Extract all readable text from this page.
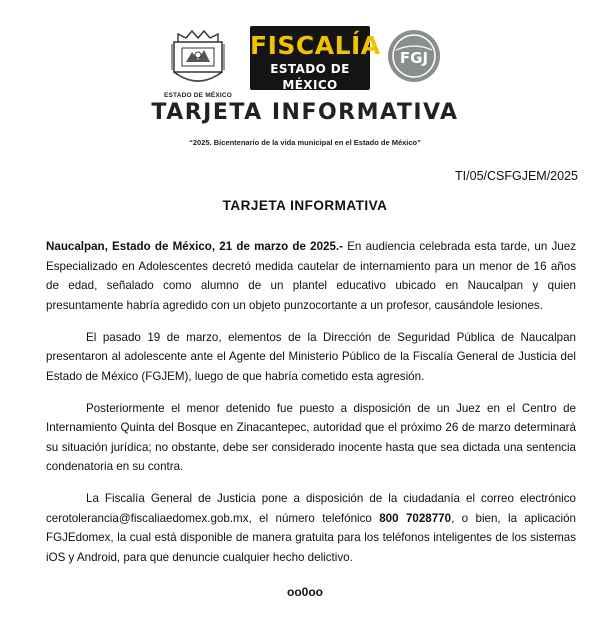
ESTADO DE MÉXICO
FISCALÍA
ESTADO DE MÉXICO
FGJ
TARJETA INFORMATIVA
“2025. Bicentenario de la vida municipal en el Estado de México”
TI/05/CSFGJEM/2025
TARJETA INFORMATIVA

Naucalpan, Estado de México, 21 de marzo de 2025.- En audiencia celebrada esta tarde, un Juez Especializado en Adolescentes decretó medida cautelar de internamiento para un menor de 16 años de edad, señalado como alumno de un plantel educativo ubicado en Naucalpan y quien presuntamente habría agredido con un objeto punzocortante a un profesor, causándole lesiones.

El pasado 19 de marzo, elementos de la Dirección de Seguridad Pública de Naucalpan presentaron al adolescente ante el Agente del Ministerio Público de la Fiscalía General de Justicia del Estado de México (FGJEM), luego de que habría cometido esta agresión.

Posteriormente el menor detenido fue puesto a disposición de un Juez en el Centro de Internamiento Quinta del Bosque en Zinacantepec, autoridad que el próximo 26 de marzo determinará su situación jurídica; no obstante, debe ser considerado inocente hasta que sea dictada una sentencia condenatoria en su contra.

La Fiscalía General de Justicia pone a disposición de la ciudadanía el correo electrónico cerotolerancia@fiscaliaedomex.gob.mx, el número telefónico 800 7028770, o bien, la aplicación FGJEdomex, la cual está disponible de manera gratuita para los teléfonos inteligentes de los sistemas iOS y Android, para que denuncie cualquier hecho delictivo.

oo0oo
